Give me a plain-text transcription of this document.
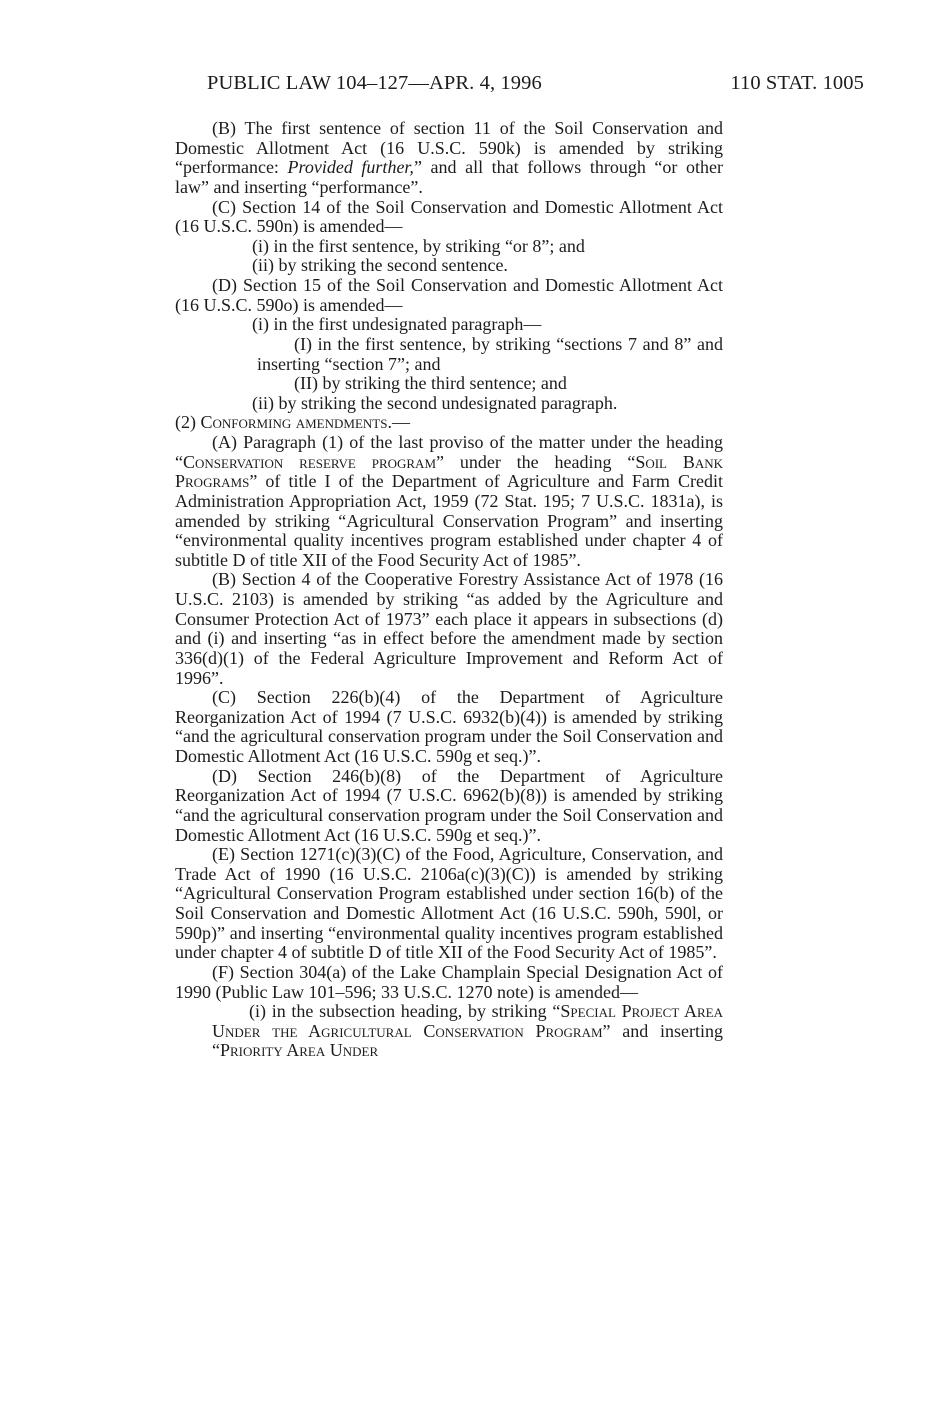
PUBLIC LAW 104–127—APR. 4, 1996	110 STAT. 1005

(B) The first sentence of section 11 of the Soil Conservation and Domestic Allotment Act (16 U.S.C. 590k) is amended by striking “performance: Provided further,” and all that follows through “or other law” and inserting “performance”.

(C) Section 14 of the Soil Conservation and Domestic Allotment Act (16 U.S.C. 590n) is amended—

(i) in the first sentence, by striking “or 8”; and

(ii) by striking the second sentence.

(D) Section 15 of the Soil Conservation and Domestic Allotment Act (16 U.S.C. 590o) is amended—

(i) in the first undesignated paragraph—

(I) in the first sentence, by striking “sections 7 and 8” and inserting “section 7”; and

(II) by striking the third sentence; and

(ii) by striking the second undesignated paragraph.

(2) Conforming amendments.—

(A) Paragraph (1) of the last proviso of the matter under the heading “Conservation reserve program” under the heading “Soil Bank Programs” of title I of the Department of Agriculture and Farm Credit Administration Appropriation Act, 1959 (72 Stat. 195; 7 U.S.C. 1831a), is amended by striking “Agricultural Conservation Program” and inserting “environmental quality incentives program established under chapter 4 of subtitle D of title XII of the Food Security Act of 1985”.

(B) Section 4 of the Cooperative Forestry Assistance Act of 1978 (16 U.S.C. 2103) is amended by striking “as added by the Agriculture and Consumer Protection Act of 1973” each place it appears in subsections (d) and (i) and inserting “as in effect before the amendment made by section 336(d)(1) of the Federal Agriculture Improvement and Reform Act of 1996”.

(C) Section 226(b)(4) of the Department of Agriculture Reorganization Act of 1994 (7 U.S.C. 6932(b)(4)) is amended by striking “and the agricultural conservation program under the Soil Conservation and Domestic Allotment Act (16 U.S.C. 590g et seq.)”.

(D) Section 246(b)(8) of the Department of Agriculture Reorganization Act of 1994 (7 U.S.C. 6962(b)(8)) is amended by striking “and the agricultural conservation program under the Soil Conservation and Domestic Allotment Act (16 U.S.C. 590g et seq.)”.

(E) Section 1271(c)(3)(C) of the Food, Agriculture, Conservation, and Trade Act of 1990 (16 U.S.C. 2106a(c)(3)(C)) is amended by striking “Agricultural Conservation Program established under section 16(b) of the Soil Conservation and Domestic Allotment Act (16 U.S.C. 590h, 590l, or 590p)” and inserting “environmental quality incentives program established under chapter 4 of subtitle D of title XII of the Food Security Act of 1985”.

(F) Section 304(a) of the Lake Champlain Special Designation Act of 1990 (Public Law 101–596; 33 U.S.C. 1270 note) is amended—

(i) in the subsection heading, by striking “Special Project Area Under the Agricultural Conservation Program” and inserting “Priority Area Under
